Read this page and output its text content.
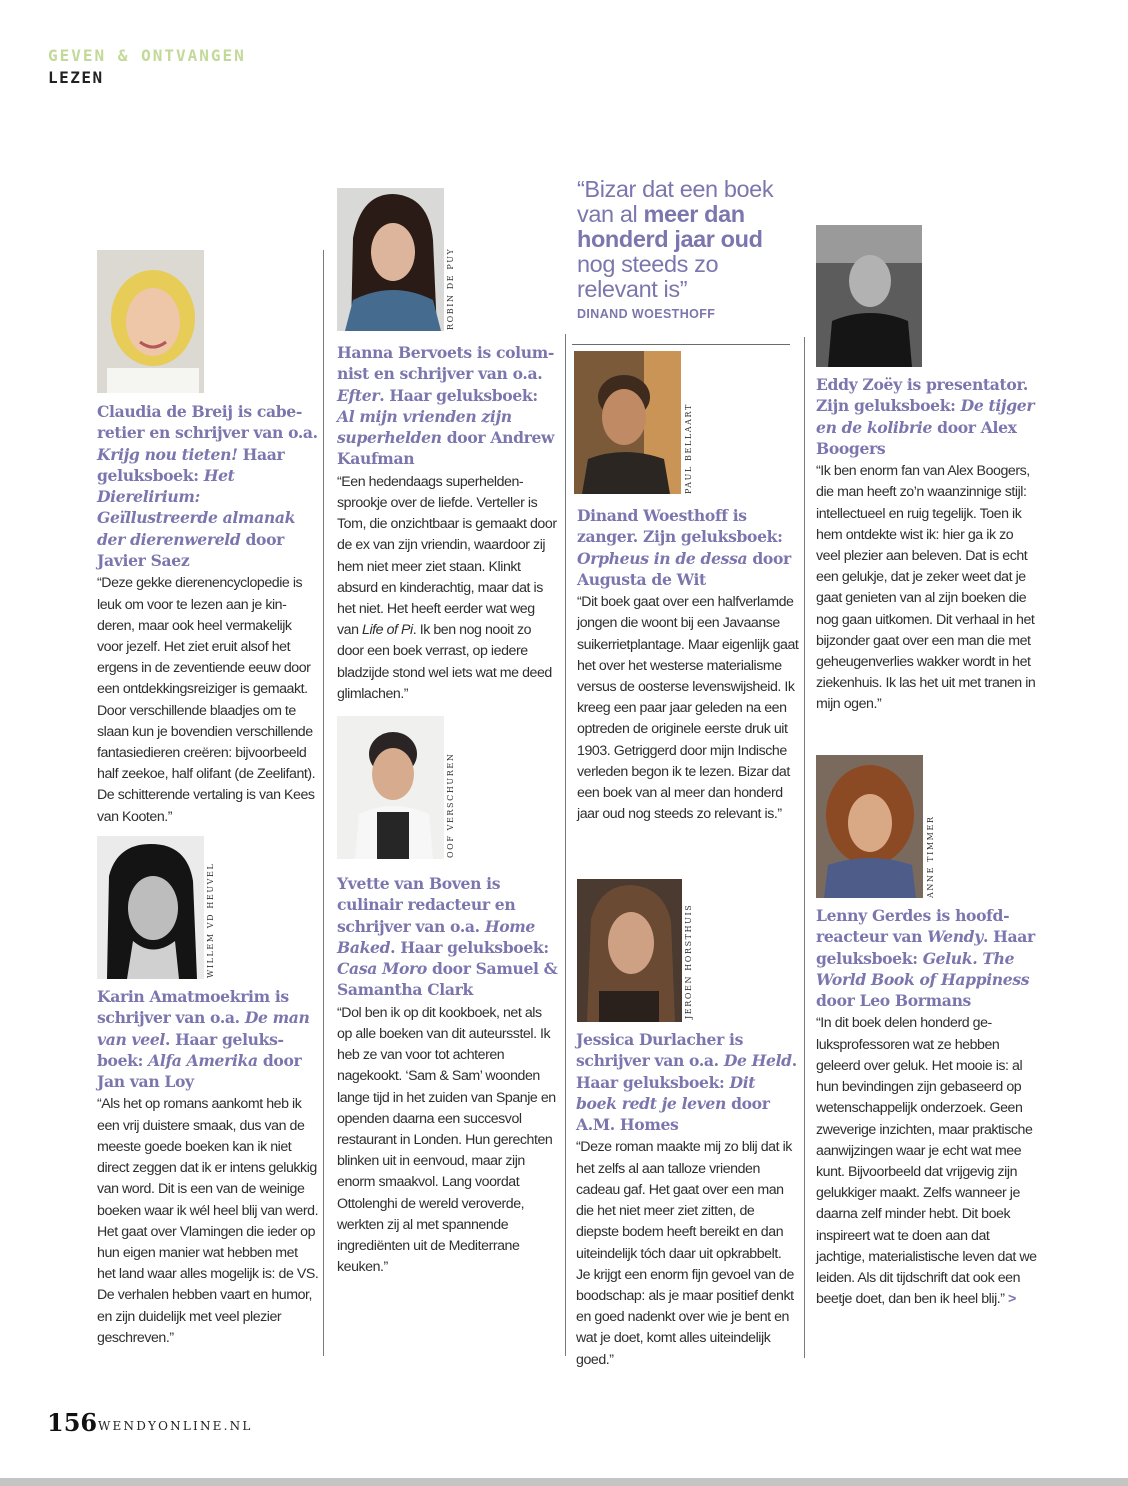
GEVEN & ONTVANGEN

LEZEN

Claudia de Breij is caberetier en schrijver van o.a. Krijg nou tieten! Haar geluksboek: Het Dierelirium: Geïllustreerde almanak der dierenwereld door Javier Saez

“Deze gekke dierenencyclopedie is leuk om voor te lezen aan je kinderen, maar ook heel vermakelijk voor jezelf. Het ziet eruit alsof het ergens in de zeventiende eeuw door een ontdekkingsreiziger is gemaakt. Door verschillende blaadjes om te slaan kun je bovendien verschillende fantasiedieren creëren: bijvoorbeeld half zeekoe, half olifant (de Zeelifant). De schitterende vertaling is van Kees van Kooten.”

WILLEM VD HEUVEL

Karin Amatmoekrim is schrijver van o.a. De man van veel. Haar geluksboek: Alfa Amerika door Jan van Loy

“Als het op romans aankomt heb ik een vrij duistere smaak, dus van de meeste goede boeken kan ik niet direct zeggen dat ik er intens gelukkig van word. Dit is een van de weinige boeken waar ik wél heel blij van werd. Het gaat over Vlamingen die ieder op hun eigen manier wat hebben met het land waar alles mogelijk is: de VS. De verhalen hebben vaart en humor, en zijn duidelijk met veel plezier geschreven.”

ROBIN DE PUY

Hanna Bervoets is columnist en schrijver van o.a. Efter. Haar geluksboek: Al mijn vrienden zijn superhelden door Andrew Kaufman

“Een hedendaags superheldensprookje over de liefde. Verteller is Tom, die onzichtbaar is gemaakt door de ex van zijn vriendin, waardoor zij hem niet meer ziet staan. Klinkt absurd en kinderachtig, maar dat is het niet. Het heeft eerder wat weg van Life of Pi. Ik ben nog nooit zo door een boek verrast, op iedere bladzijde stond wel iets wat me deed glimlachen.”

OOF VERSCHUREN

Yvette van Boven is culinair redacteur en schrijver van o.a. Home Baked. Haar geluksboek: Casa Moro door Samuel & Samantha Clark

“Dol ben ik op dit kookboek, net als op alle boeken van dit auteursstel. Ik heb ze van voor tot achteren nagekookt. ‘Sam & Sam’ woonden lange tijd in het zuiden van Spanje en openden daarna een succesvol restaurant in Londen. Hun gerechten blinken uit in eenvoud, maar zijn enorm smaakvol. Lang voordat Ottolenghi de wereld veroverde, werkten zij al met spannende ingrediënten uit de Mediterrane keuken.”

“Bizar dat een boek van al meer dan honderd jaar oud nog steeds zo relevant is”

DINAND WOESTHOFF

PAUL BELLAART

Dinand Woesthoff is zanger. Zijn geluksboek: Orpheus in de dessa door Augusta de Wit

“Dit boek gaat over een halfverlamde jongen die woont bij een Javaanse suikerrietplantage. Maar eigenlijk gaat het over het westerse materialisme versus de oosterse levenswijsheid. Ik kreeg een paar jaar geleden na een optreden de originele eerste druk uit 1903. Getriggerd door mijn Indische verleden begon ik te lezen. Bizar dat een boek van al meer dan honderd jaar oud nog steeds zo relevant is.”

JEROEN HORSTHUIS

Jessica Durlacher is schrijver van o.a. De Held. Haar geluksboek: Dit boek redt je leven door A.M. Homes

“Deze roman maakte mij zo blij dat ik het zelfs al aan talloze vrienden cadeau gaf. Het gaat over een man die het niet meer ziet zitten, de diepste bodem heeft bereikt en dan uiteindelijk tóch daar uit opkrabbelt. Je krijgt een enorm fijn gevoel van de boodschap: als je maar positief denkt en goed nadenkt over wie je bent en wat je doet, komt alles uiteindelijk goed.”

Eddy Zoëy is presentator. Zijn geluksboek: De tijger en de kolibrie door Alex Boogers

“Ik ben enorm fan van Alex Boogers, die man heeft zo’n waanzinnige stijl: intellectueel en ruig tegelijk. Toen ik hem ontdekte wist ik: hier ga ik zo veel plezier aan beleven. Dat is echt een gelukje, dat je zeker weet dat je gaat genieten van al zijn boeken die nog gaan uitkomen. Dit verhaal in het bijzonder gaat over een man die met geheugenverlies wakker wordt in het ziekenhuis. Ik las het uit met tranen in mijn ogen.”

ANNE TIMMER

Lenny Gerdes is hoofdreacteur van Wendy. Haar geluksboek: Geluk. The World Book of Happiness door Leo Bormans

“In dit boek delen honderd geluksprofessoren wat ze hebben geleerd over geluk. Het mooie is: al hun bevindingen zijn gebaseerd op wetenschappelijk onderzoek. Geen zweverige inzichten, maar praktische aanwijzingen waar je echt wat mee kunt. Bijvoorbeeld dat vrijgevig zijn gelukkiger maakt. Zelfs wanneer je daarna zelf minder hebt. Dit boek inspireert wat te doen aan dat jachtige, materialistische leven dat we leiden. Als dit tijdschrift dat ook een beetje doet, dan ben ik heel blij.” >

156 WENDYONLINE.NL
